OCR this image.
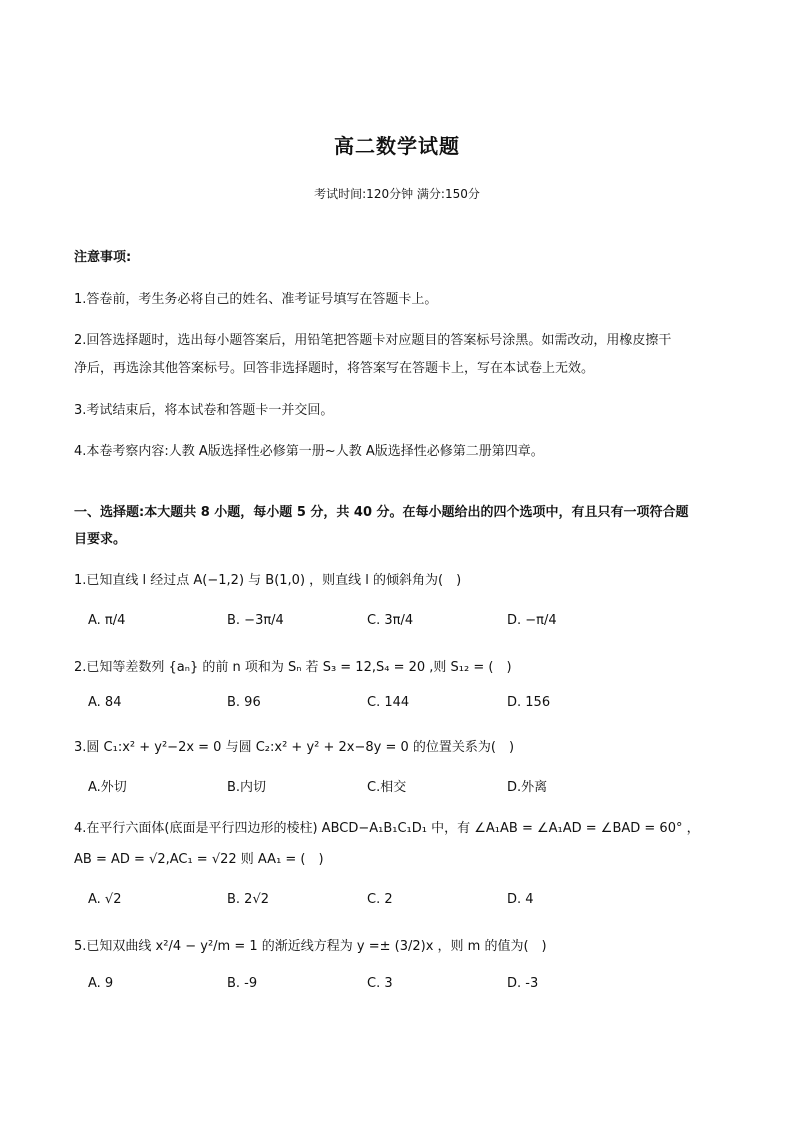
高二数学试题
考试时间:120分钟 满分:150分
注意事项:
1.答卷前，考生务必将自己的姓名、准考证号填写在答题卡上。
2.回答选择题时，选出每小题答案后，用铅笔把答题卡对应题目的答案标号涂黑。如需改动，用橡皮擦干
净后，再选涂其他答案标号。回答非选择题时，将答案写在答题卡上，写在本试卷上无效。
3.考试结束后，将本试卷和答题卡一并交回。
4.本卷考察内容:人教 A版选择性必修第一册~人教 A版选择性必修第二册第四章。
一、选择题:本大题共 8 小题，每小题 5 分，共 40 分。在每小题给出的四个选项中，有且只有一项符合题
目要求。
1.已知直线 l 经过点 A(−1,2) 与 B(1,0) ，则直线 l 的倾斜角为(　)
A. π/4	B. −3π/4	C. 3π/4	D. −π/4
2.已知等差数列 {aₙ} 的前 n 项和为 Sₙ 若 S₃ = 12,S₄ = 20 ,则 S₁₂ = (　)
A. 84	B. 96	C. 144	D. 156
3.圆 C₁:x² + y²−2x = 0 与圆 C₂:x² + y² + 2x−8y = 0 的位置关系为(　)
A.外切	B.内切	C.相交	D.外离
4.在平行六面体(底面是平行四边形的棱柱) ABCD−A₁B₁C₁D₁ 中，有 ∠A₁AB = ∠A₁AD = ∠BAD = 60° ，
AB = AD = √2,AC₁ = √22 则 AA₁ = (　)
A. √2	B. 2√2	C. 2	D. 4
5.已知双曲线 x²/4 − y²/m = 1 的渐近线方程为 y =± (3/2)x ，则 m 的值为(　)
A. 9	B. -9	C. 3	D. -3
